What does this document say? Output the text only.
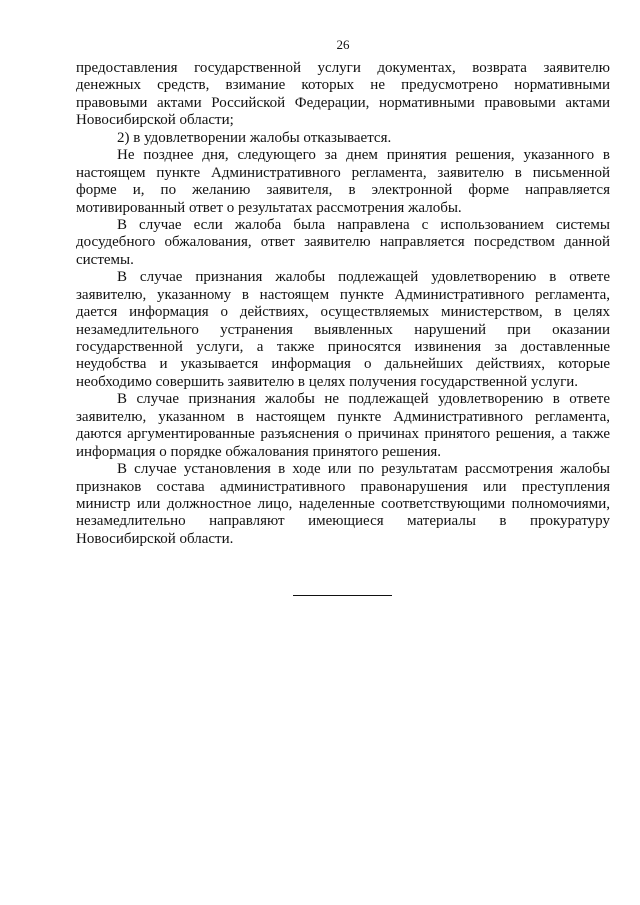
26
предоставления государственной услуги документах, возврата заявителю
денежных средств, взимание которых не предусмотрено нормативными
правовыми актами Российской Федерации, нормативными правовыми актами
Новосибирской области;
2) в удовлетворении жалобы отказывается.
Не позднее дня, следующего за днем принятия решения, указанного в
настоящем пункте Административного регламента, заявителю в письменной
форме и, по желанию заявителя, в электронной форме направляется
мотивированный ответ о результатах рассмотрения жалобы.
В случае если жалоба была направлена с использованием системы
досудебного обжалования, ответ заявителю направляется посредством данной
системы.
В случае признания жалобы подлежащей удовлетворению в ответе
заявителю, указанному в настоящем пункте Административного регламента,
дается информация о действиях, осуществляемых министерством, в целях
незамедлительного устранения выявленных нарушений при оказании
государственной услуги, а также приносятся извинения за доставленные
неудобства и указывается информация о дальнейших действиях, которые
необходимо совершить заявителю в целях получения государственной услуги.
В случае признания жалобы не подлежащей удовлетворению в ответе
заявителю, указанном в настоящем пункте Административного регламента,
даются аргументированные разъяснения о причинах принятого решения, а также
информация о порядке обжалования принятого решения.
В случае установления в ходе или по результатам рассмотрения жалобы
признаков состава административного правонарушения или преступления
министр или должностное лицо, наделенные соответствующими полномочиями,
незамедлительно направляют имеющиеся материалы в прокуратуру
Новосибирской области.
